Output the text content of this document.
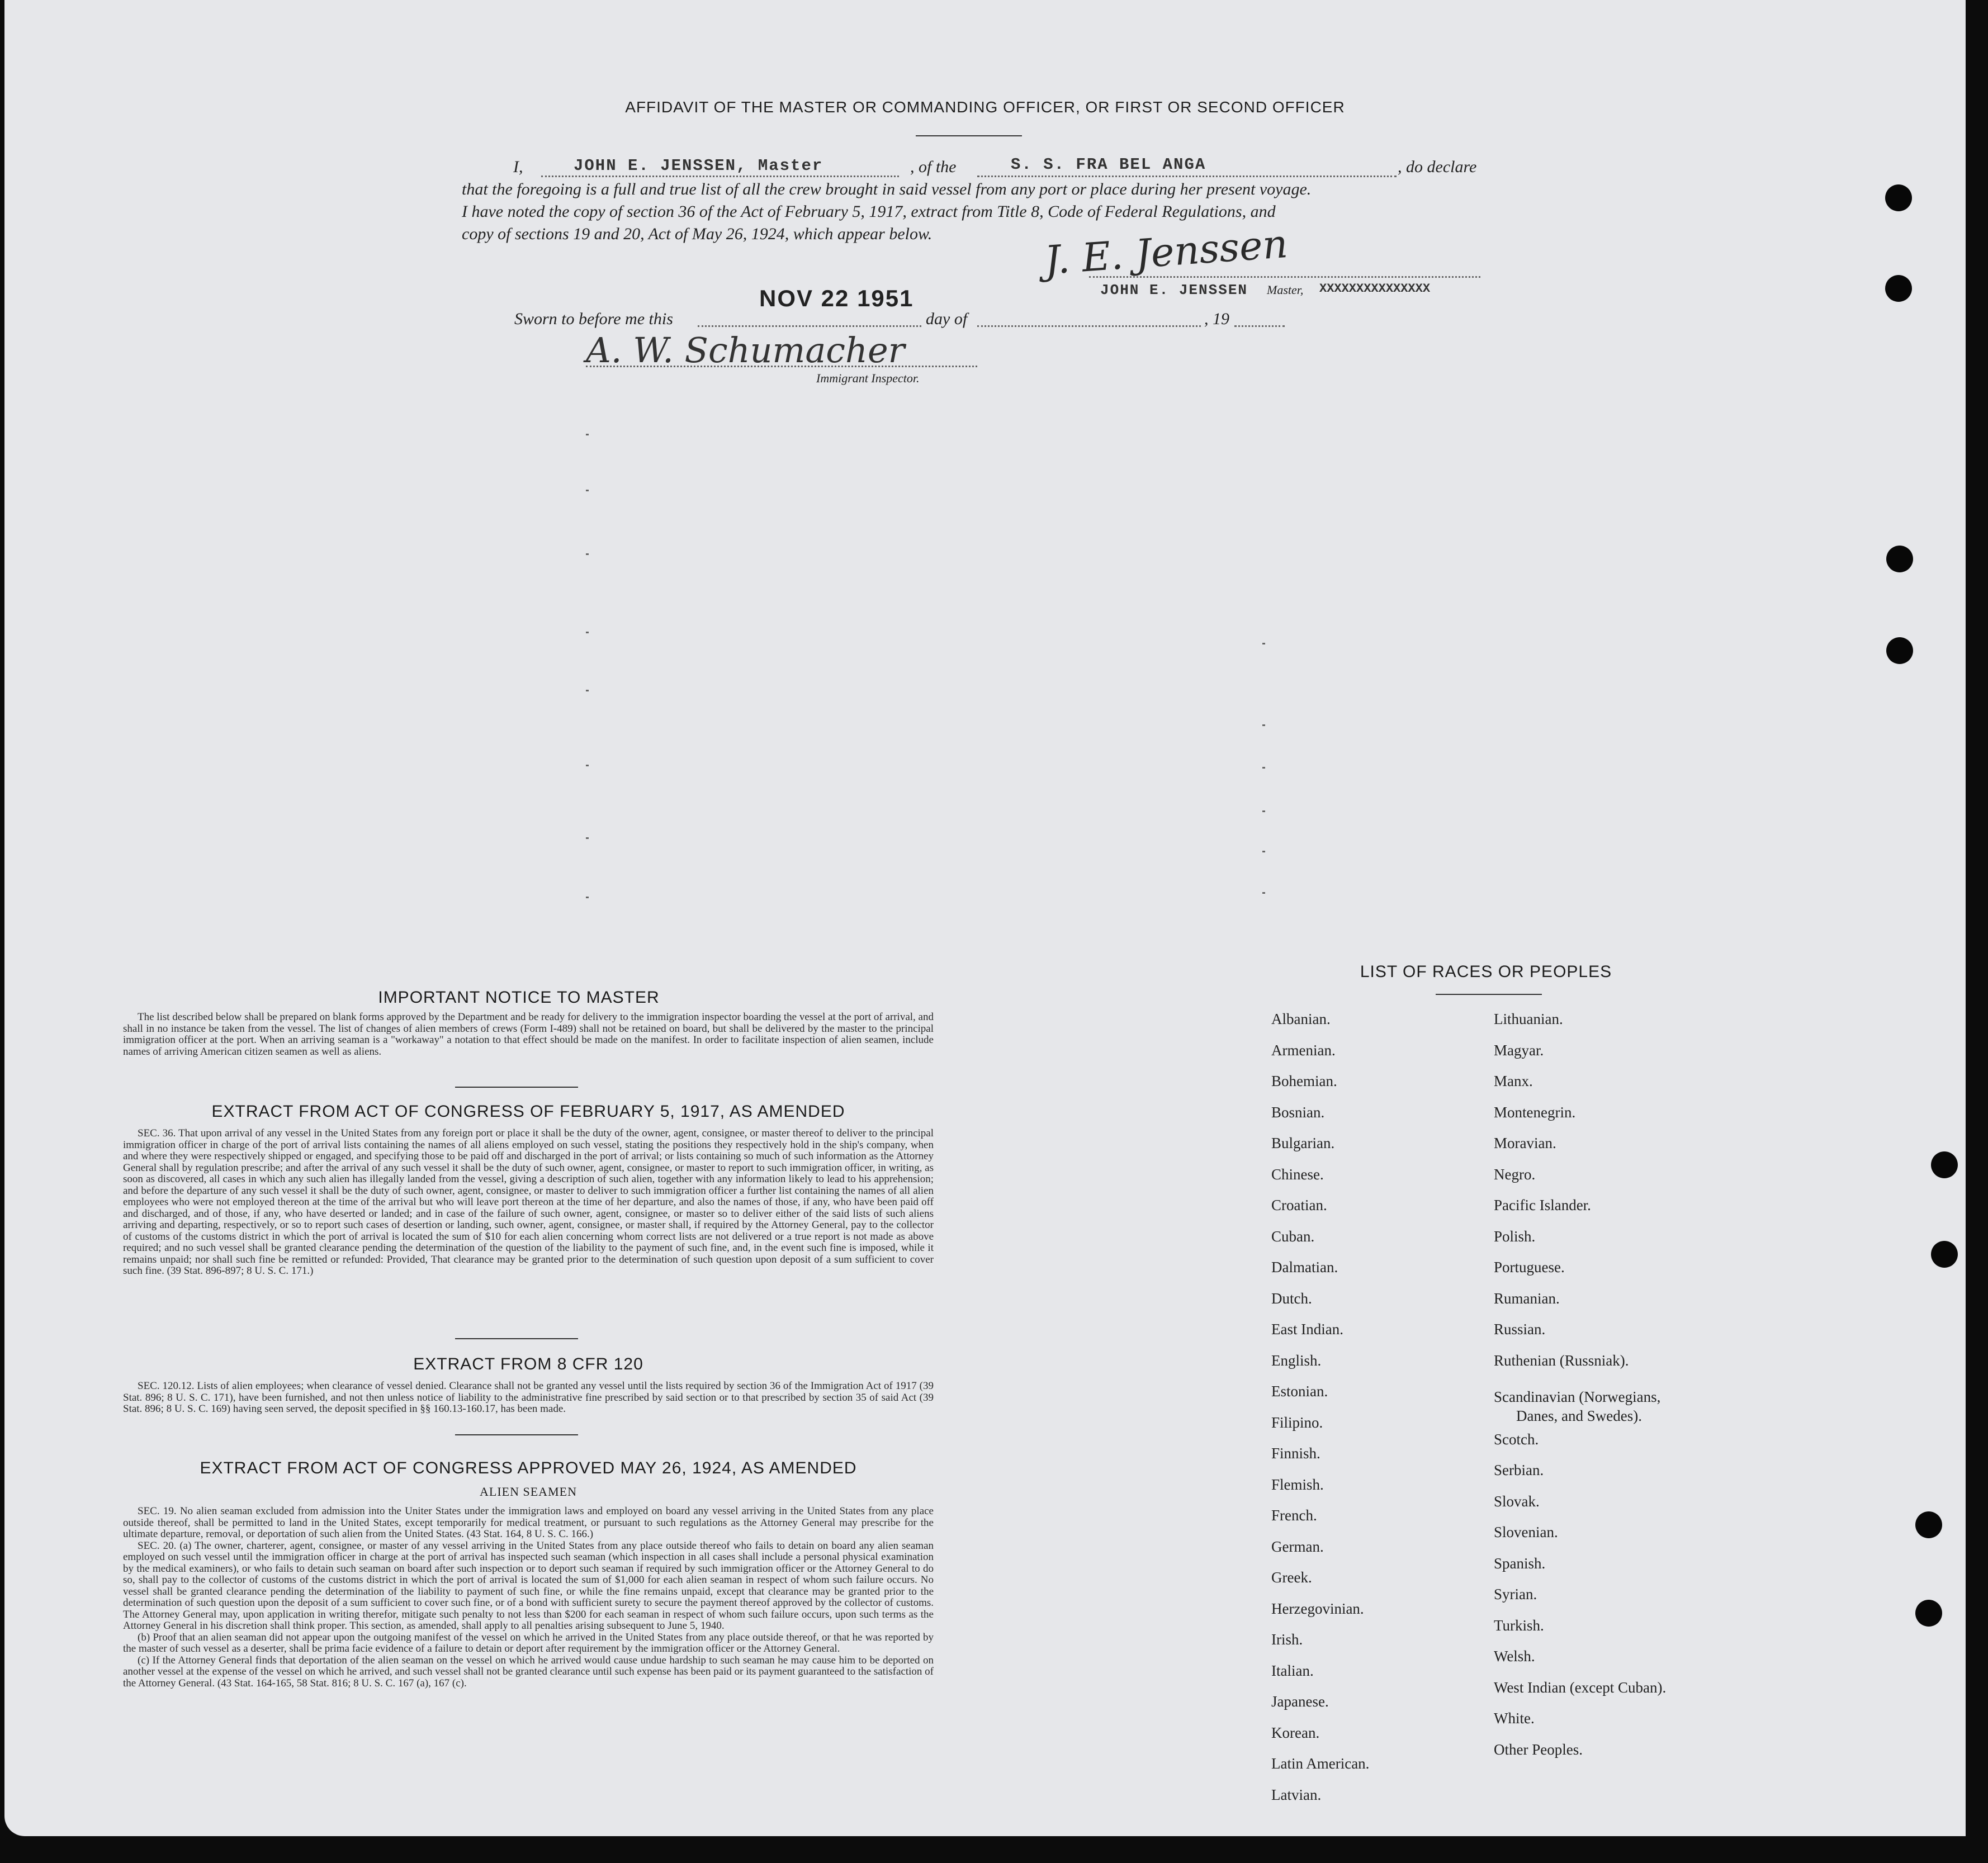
AFFIDAVIT OF THE MASTER OR COMMANDING OFFICER, OR FIRST OR SECOND OFFICER
I,	JOHN E. JENSSEN, Master	, of the	S. S. FRA BEL ANGA	, do declare
that the foregoing is a full and true list of all the crew brought in said vessel from any port or place during her present voyage.
I have noted the copy of section 36 of the Act of February 5, 1917, extract from Title 8, Code of Federal Regulations, and
copy of sections 19 and 20, Act of May 26, 1924, which appear below.	J. E. Jenssen
JOHN E. JENSSEN Master, XXXXXXXXXXXXXXX
Sworn to before me this
NOV 22 1951
day of	, 19
A. W. Schumacher
Immigrant Inspector.
IMPORTANT NOTICE TO MASTER

The list described below shall be prepared on blank forms approved by the Department and be ready for delivery to the immigration inspector boarding the vessel at the port of arrival, and shall in no instance be taken from the vessel. The list of changes of alien members of crews (Form I-489) shall not be retained on board, but shall be delivered by the master to the principal immigration officer at the port. When an arriving seaman is a "workaway" a notation to that effect should be made on the manifest. In order to facilitate inspection of alien seamen, include names of arriving American citizen seamen as well as aliens.

EXTRACT FROM ACT OF CONGRESS OF FEBRUARY 5, 1917, AS AMENDED

SEC. 36. That upon arrival of any vessel in the United States from any foreign port or place it shall be the duty of the owner, agent, consignee, or master thereof to deliver to the principal immigration officer in charge of the port of arrival lists containing the names of all aliens employed on such vessel, stating the positions they respectively hold in the ship's company, when and where they were respectively shipped or engaged, and specifying those to be paid off and discharged in the port of arrival; or lists containing so much of such information as the Attorney General shall by regulation prescribe; and after the arrival of any such vessel it shall be the duty of such owner, agent, consignee, or master to report to such immigration officer, in writing, as soon as discovered, all cases in which any such alien has illegally landed from the vessel, giving a description of such alien, together with any information likely to lead to his apprehension; and before the departure of any such vessel it shall be the duty of such owner, agent, consignee, or master to deliver to such immigration officer a further list containing the names of all alien employees who were not employed thereon at the time of the arrival but who will leave port thereon at the time of her departure, and also the names of those, if any, who have been paid off and discharged, and of those, if any, who have deserted or landed; and in case of the failure of such owner, agent, consignee, or master so to deliver either of the said lists of such aliens arriving and departing, respectively, or so to report such cases of desertion or landing, such owner, agent, consignee, or master shall, if required by the Attorney General, pay to the collector of customs of the customs district in which the port of arrival is located the sum of $10 for each alien concerning whom correct lists are not delivered or a true report is not made as above required; and no such vessel shall be granted clearance pending the determination of the question of the liability to the payment of such fine, and, in the event such fine is imposed, while it remains unpaid; nor shall such fine be remitted or refunded: Provided, That clearance may be granted prior to the determination of such question upon deposit of a sum sufficient to cover such fine. (39 Stat. 896-897; 8 U. S. C. 171.)

EXTRACT FROM 8 CFR 120

SEC. 120.12. Lists of alien employees; when clearance of vessel denied. Clearance shall not be granted any vessel until the lists required by section 36 of the Immigration Act of 1917 (39 Stat. 896; 8 U. S. C. 171), have been furnished, and not then unless notice of liability to the administrative fine prescribed by said section or to that prescribed by section 35 of said Act (39 Stat. 896; 8 U. S. C. 169) having seen served, the deposit specified in §§ 160.13-160.17, has been made.

EXTRACT FROM ACT OF CONGRESS APPROVED MAY 26, 1924, AS AMENDED
ALIEN SEAMEN

SEC. 19. No alien seaman excluded from admission into the Uniter States under the immigration laws and employed on board any vessel arriving in the United States from any place outside thereof, shall be permitted to land in the United States, except temporarily for medical treatment, or pursuant to such regulations as the Attorney General may prescribe for the ultimate departure, removal, or deportation of such alien from the United States. (43 Stat. 164, 8 U. S. C. 166.)

SEC. 20. (a) The owner, charterer, agent, consignee, or master of any vessel arriving in the United States from any place outside thereof who fails to detain on board any alien seaman employed on such vessel until the immigration officer in charge at the port of arrival has inspected such seaman (which inspection in all cases shall include a personal physical examination by the medical examiners), or who fails to detain such seaman on board after such inspection or to deport such seaman if required by such immigration officer or the Attorney General to do so, shall pay to the collector of customs of the customs district in which the port of arrival is located the sum of $1,000 for each alien seaman in respect of whom such failure occurs. No vessel shall be granted clearance pending the determination of the liability to payment of such fine, or while the fine remains unpaid, except that clearance may be granted prior to the determination of such question upon the deposit of a sum sufficient to cover such fine, or of a bond with sufficient surety to secure the payment thereof approved by the collector of customs. The Attorney General may, upon application in writing therefor, mitigate such penalty to not less than $200 for each seaman in respect of whom such failure occurs, upon such terms as the Attorney General in his discretion shall think proper. This section, as amended, shall apply to all penalties arising subsequent to June 5, 1940.

(b) Proof that an alien seaman did not appear upon the outgoing manifest of the vessel on which he arrived in the United States from any place outside thereof, or that he was reported by the master of such vessel as a deserter, shall be prima facie evidence of a failure to detain or deport after requirement by the immigration officer or the Attorney General.

(c) If the Attorney General finds that deportation of the alien seaman on the vessel on which he arrived would cause undue hardship to such seaman he may cause him to be deported on another vessel at the expense of the vessel on which he arrived, and such vessel shall not be granted clearance until such expense has been paid or its payment guaranteed to the satisfaction of the Attorney General. (43 Stat. 164-165, 58 Stat. 816; 8 U. S. C. 167 (a), 167 (c).

LIST OF RACES OR PEOPLES
Albanian.
Armenian.
Bohemian.
Bosnian.
Bulgarian.
Chinese.
Croatian.
Cuban.
Dalmatian.
Dutch.
East Indian.
English.
Estonian.
Filipino.
Finnish.
Flemish.
French.
German.
Greek.
Herzegovinian.
Irish.
Italian.
Japanese.
Korean.
Latin American.
Latvian.
Lithuanian.
Magyar.
Manx.
Montenegrin.
Moravian.
Negro.
Pacific Islander.
Polish.
Portuguese.
Rumanian.
Russian.
Ruthenian (Russniak).
Scandinavian (Norwegians,
Danes, and Swedes).
Scotch.
Serbian.
Slovak.
Slovenian.
Spanish.
Syrian.
Turkish.
Welsh.
West Indian (except Cuban).
White.
Other Peoples.
